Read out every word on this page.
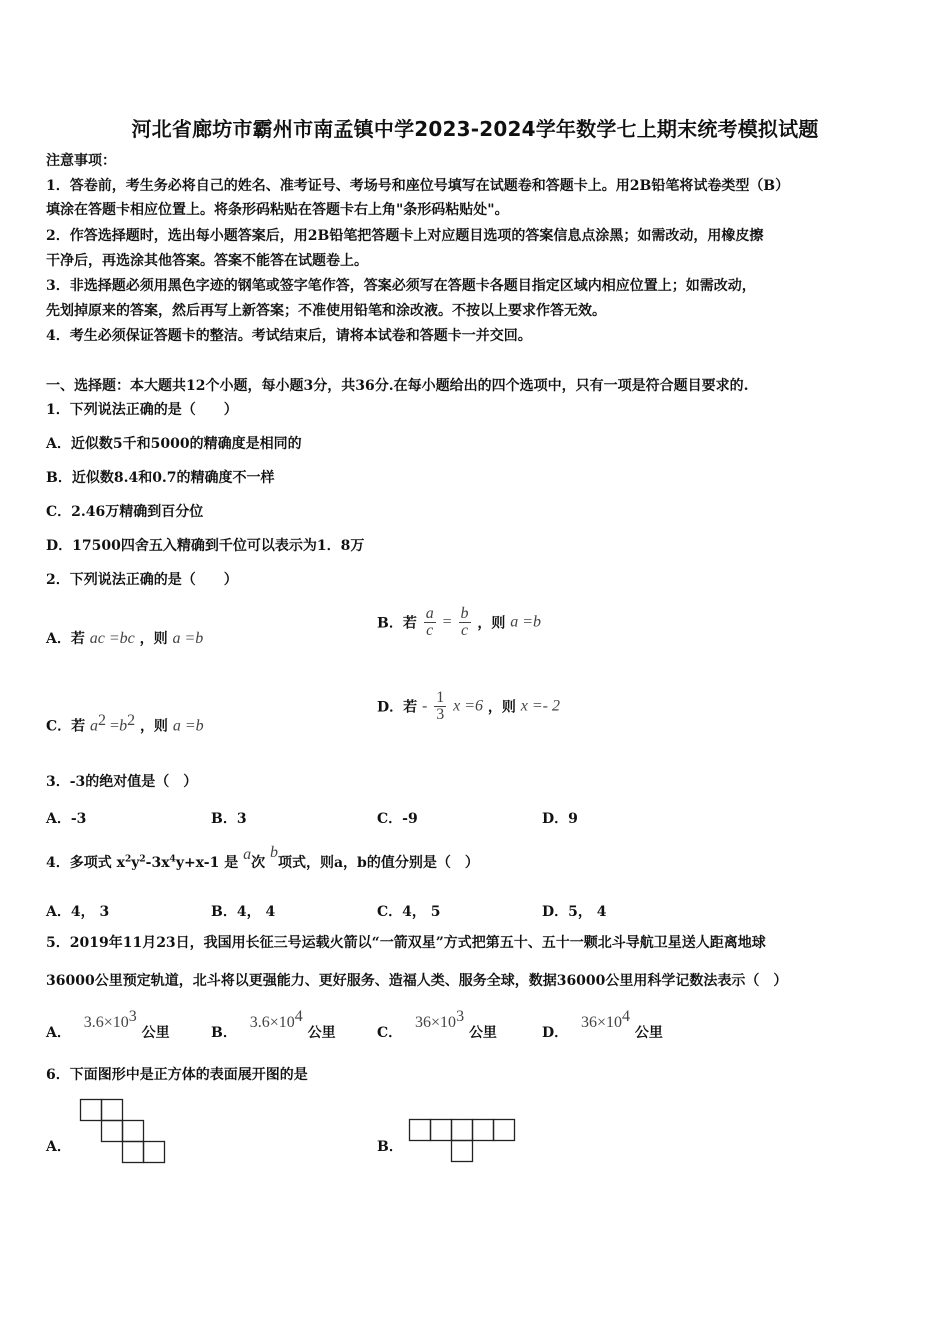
河北省廊坊市霸州市南孟镇中学2023-2024学年数学七上期末统考模拟试题
注意事项：
1．答卷前，考生务必将自己的姓名、准考证号、考场号和座位号填写在试题卷和答题卡上。用2B铅笔将试卷类型（B）
填涂在答题卡相应位置上。将条形码粘贴在答题卡右上角"条形码粘贴处"。
2．作答选择题时，选出每小题答案后，用2B铅笔把答题卡上对应题目选项的答案信息点涂黑；如需改动，用橡皮擦
干净后，再选涂其他答案。答案不能答在试题卷上。
3．非选择题必须用黑色字迹的钢笔或签字笔作答，答案必须写在答题卡各题目指定区域内相应位置上；如需改动，
先划掉原来的答案，然后再写上新答案；不准使用铅笔和涂改液。不按以上要求作答无效。
4．考生必须保证答题卡的整洁。考试结束后，请将本试卷和答题卡一并交回。
一、选择题：本大题共12个小题，每小题3分，共36分.在每小题给出的四个选项中，只有一项是符合题目要求的.
1．下列说法正确的是（　　）
A．近似数5千和5000的精确度是相同的
B．近似数8.4和0.7的精确度不一样
C．2.46万精确到百分位
D．17500四舍五入精确到千位可以表示为1．8万
2．下列说法正确的是（　　）
A．若 ac =bc ，则 a =b
B．若 $\frac{a}{c} = \frac{b}{c}$ ，则 a =b
C．若 $a^2 =b^2$ ，则 a =b
D．若 - $\frac{1}{3}$ x =6 ，则 x =- 2
3．-3的绝对值是（　）
A．-3	B．3	C．-9	D．9
4．多项式 $x^2y^2-3x^4y+x-1$ 是 a次 b项式，则a，b的值分别是（　）
A．4， 3	B．4， 4	C．4， 5	D．5， 4
5．2019年11月23日，我国用长征三号运载火箭以“一箭双星”方式把第五十、五十一颗北斗导航卫星送人距离地球
36000公里预定轨道，北斗将以更强能力、更好服务、造福人类、服务全球，数据36000公里用科学记数法表示（　）
A． $3.6\times 10^3$ 公里	B． $3.6\times 10^4$ 公里	C． $36\times 10^3$ 公里	D． $36\times 10^4$ 公里
6．下面图形中是正方体的表面展开图的是
A．	B．
